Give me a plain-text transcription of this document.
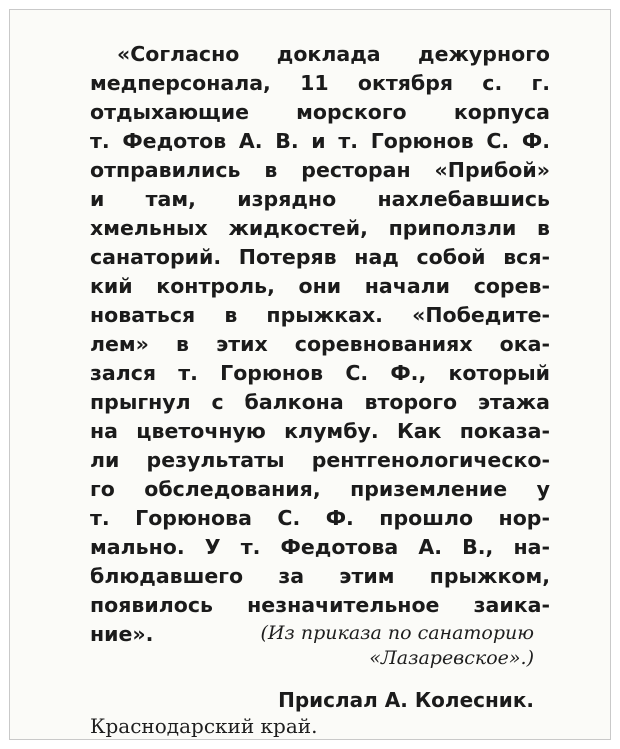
«Согласно доклада дежурного
медперсонала, 11 октября с. г.
отдыхающие морского корпуса
т. Федотов А. В. и т. Горюнов С. Ф.
отправились в ресторан «Прибой»
и там, изрядно нахлебавшись
хмельных жидкостей, приползли в
санаторий. Потеряв над собой вся-
кий контроль, они начали сорев-
новаться в прыжках. «Победите-
лем» в этих соревнованиях ока-
зался т. Горюнов С. Ф., который
прыгнул с балкона второго этажа
на цветочную клумбу. Как показа-
ли результаты рентгенологическо-
го обследования, приземление у
т. Горюнова С. Ф. прошло нор-
мально. У т. Федотова А. В., на-
блюдавшего за этим прыжком,
появилось незначительное заика-
ние».	(Из приказа по санаторию
«Лазаревское».)
Прислал А. Колесник.
Краснодарский край.
